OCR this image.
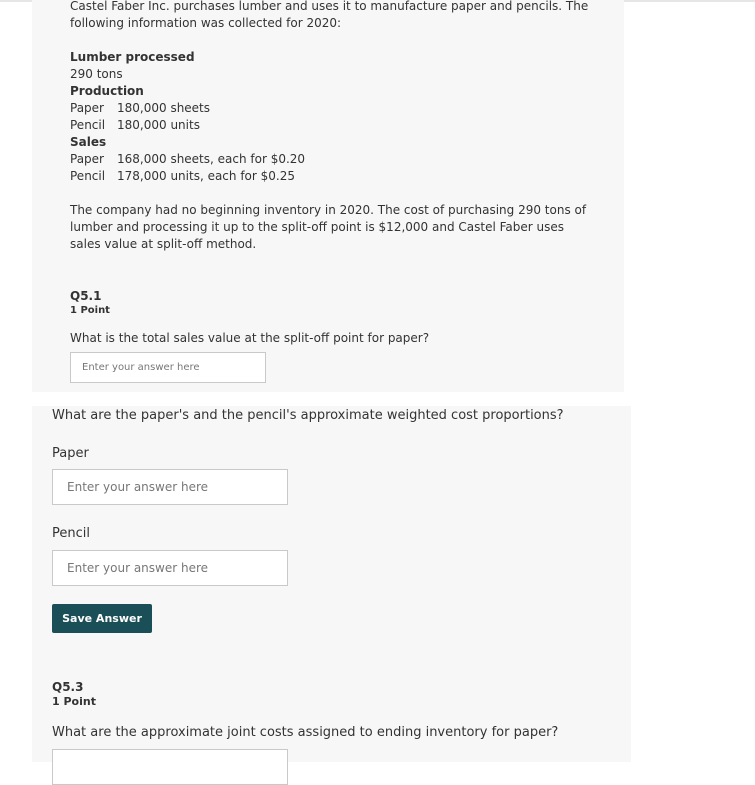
Castel Faber Inc. purchases lumber and uses it to manufacture paper and pencils. The following information was collected for 2020:
Lumber processed
290 tons
Production
Paper 180,000 sheets
Pencil 180,000 units
Sales
Paper 168,000 sheets, each for $0.20
Pencil 178,000 units, each for $0.25
The company had no beginning inventory in 2020. The cost of purchasing 290 tons of lumber and processing it up to the split-off point is $12,000 and Castel Faber uses sales value at split-off method.
Q5.1
1 Point
What is the total sales value at the split-off point for paper?
Enter your answer here
What are the paper's and the pencil's approximate weighted cost proportions?
Paper
Enter your answer here
Pencil
Enter your answer here
Save Answer
Q5.3
1 Point
What are the approximate joint costs assigned to ending inventory for paper?
